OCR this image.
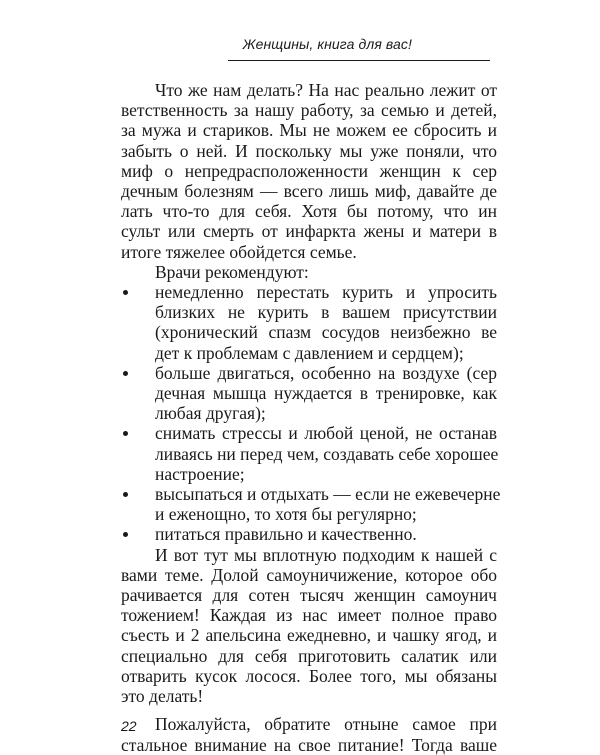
Женщины, книга для вас!
Что же нам делать? На нас реально лежит от
ветственность за нашу работу, за семью и детей,
за мужа и стариков. Мы не можем ее сбросить и
забыть о ней. И поскольку мы уже поняли, что
миф о непредрасположенности женщин к сер
дечным болезням — всего лишь миф, давайте де
лать что-то для себя. Хотя бы потому, что ин
сульт или смерть от инфаркта жены и матери в
итоге тяжелее обойдется семье.

Врачи рекомендуют:

немедленно перестать курить и упросить
близких не курить в вашем присутствии
(хронический спазм сосудов неизбежно ве
дет к проблемам с давлением и сердцем);
больше двигаться, особенно на воздухе (сер
дечная мышца нуждается в тренировке, как
любая другая);
снимать стрессы и любой ценой, не останав
ливаясь ни перед чем, создавать себе хорошее
настроение;
высыпаться и отдыхать — если не ежевечерне
и еженощно, то хотя бы регулярно;
питаться правильно и качественно.
И вот тут мы вплотную подходим к нашей с
вами теме. Долой самоуничижение, которое обо
рачивается для сотен тысяч женщин самоунич
тожением! Каждая из нас имеет полное право
съесть и 2 апельсина ежедневно, и чашку ягод, и
специально для себя приготовить салатик или
отварить кусок лосося. Более того, мы обязаны
это делать!
Пожалуйста, обратите отныне самое при
стальное внимание на свое питание! Тогда ваше
22
